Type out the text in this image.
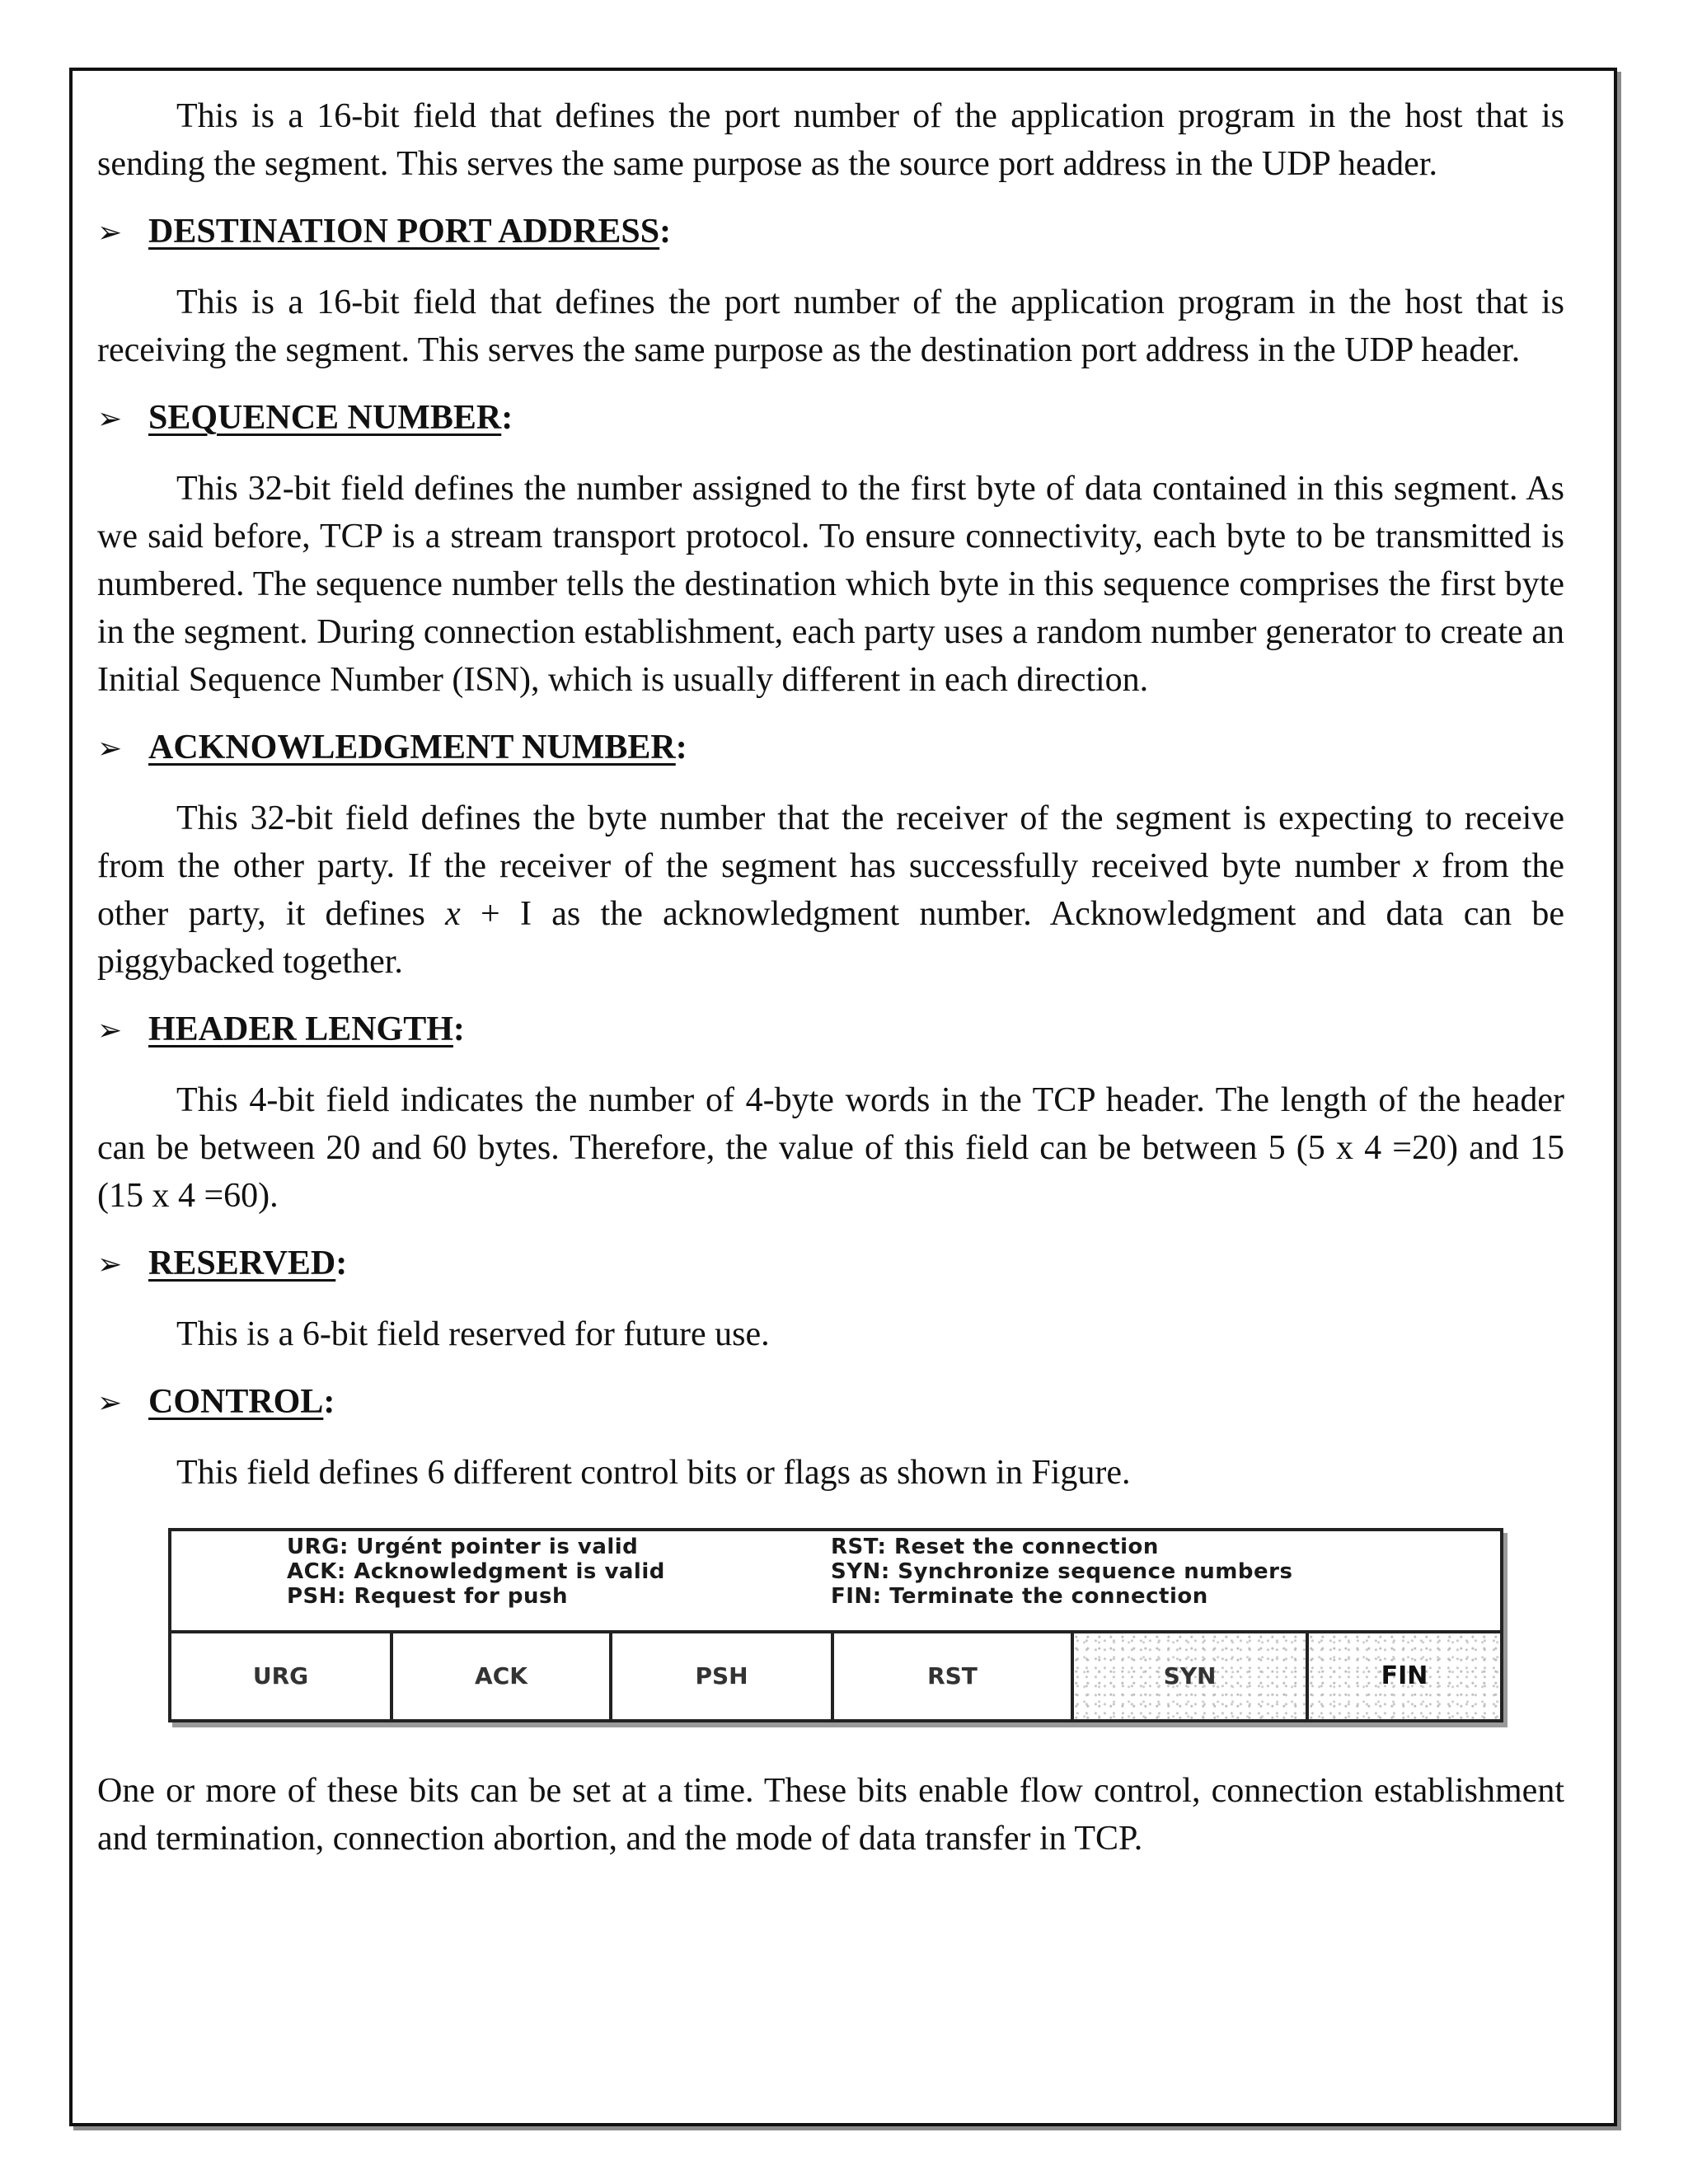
This is a 16-bit field that defines the port number of the application program in the host that is sending the segment. This serves the same purpose as the source port address in the UDP header.

➢ DESTINATION PORT ADDRESS :

This is a 16-bit field that defines the port number of the application program in the host that is receiving the segment. This serves the same purpose as the destination port address in the UDP header.

➢ SEQUENCE NUMBER :

This 32-bit field defines the number assigned to the first byte of data contained in this segment. As we said before, TCP is a stream transport protocol. To ensure connectivity, each byte to be transmitted is numbered. The sequence number tells the destination which byte in this sequence comprises the first byte in the segment. During connection establishment, each party uses a random number generator to create an Initial Sequence Number (ISN), which is usually different in each direction.

➢ ACKNOWLEDGMENT NUMBER :

This 32-bit field defines the byte number that the receiver of the segment is expecting to receive from the other party. If the receiver of the segment has successfully received byte number x from the other party, it defines x + I as the acknowledgment number. Acknowledgment and data can be piggybacked together.

➢ HEADER LENGTH :

This 4-bit field indicates the number of 4-byte words in the TCP header. The length of the header can be between 20 and 60 bytes. Therefore, the value of this field can be between 5 (5 x 4 =20) and 15 (15 x 4 =60).

➢ RESERVED :

This is a 6-bit field reserved for future use.

➢ CONTROL :

This field defines 6 different control bits or flags as shown in Figure.

URG: Urgént pointer is valid
ACK: Acknowledgment is valid
PSH: Request for push
RST: Reset the connection
SYN: Synchronize sequence numbers
FIN: Terminate the connection
URG	ACK	PSH	RST	SYN	FIN

One or more of these bits can be set at a time. These bits enable flow control, connection establishment and termination, connection abortion, and the mode of data transfer in TCP.
